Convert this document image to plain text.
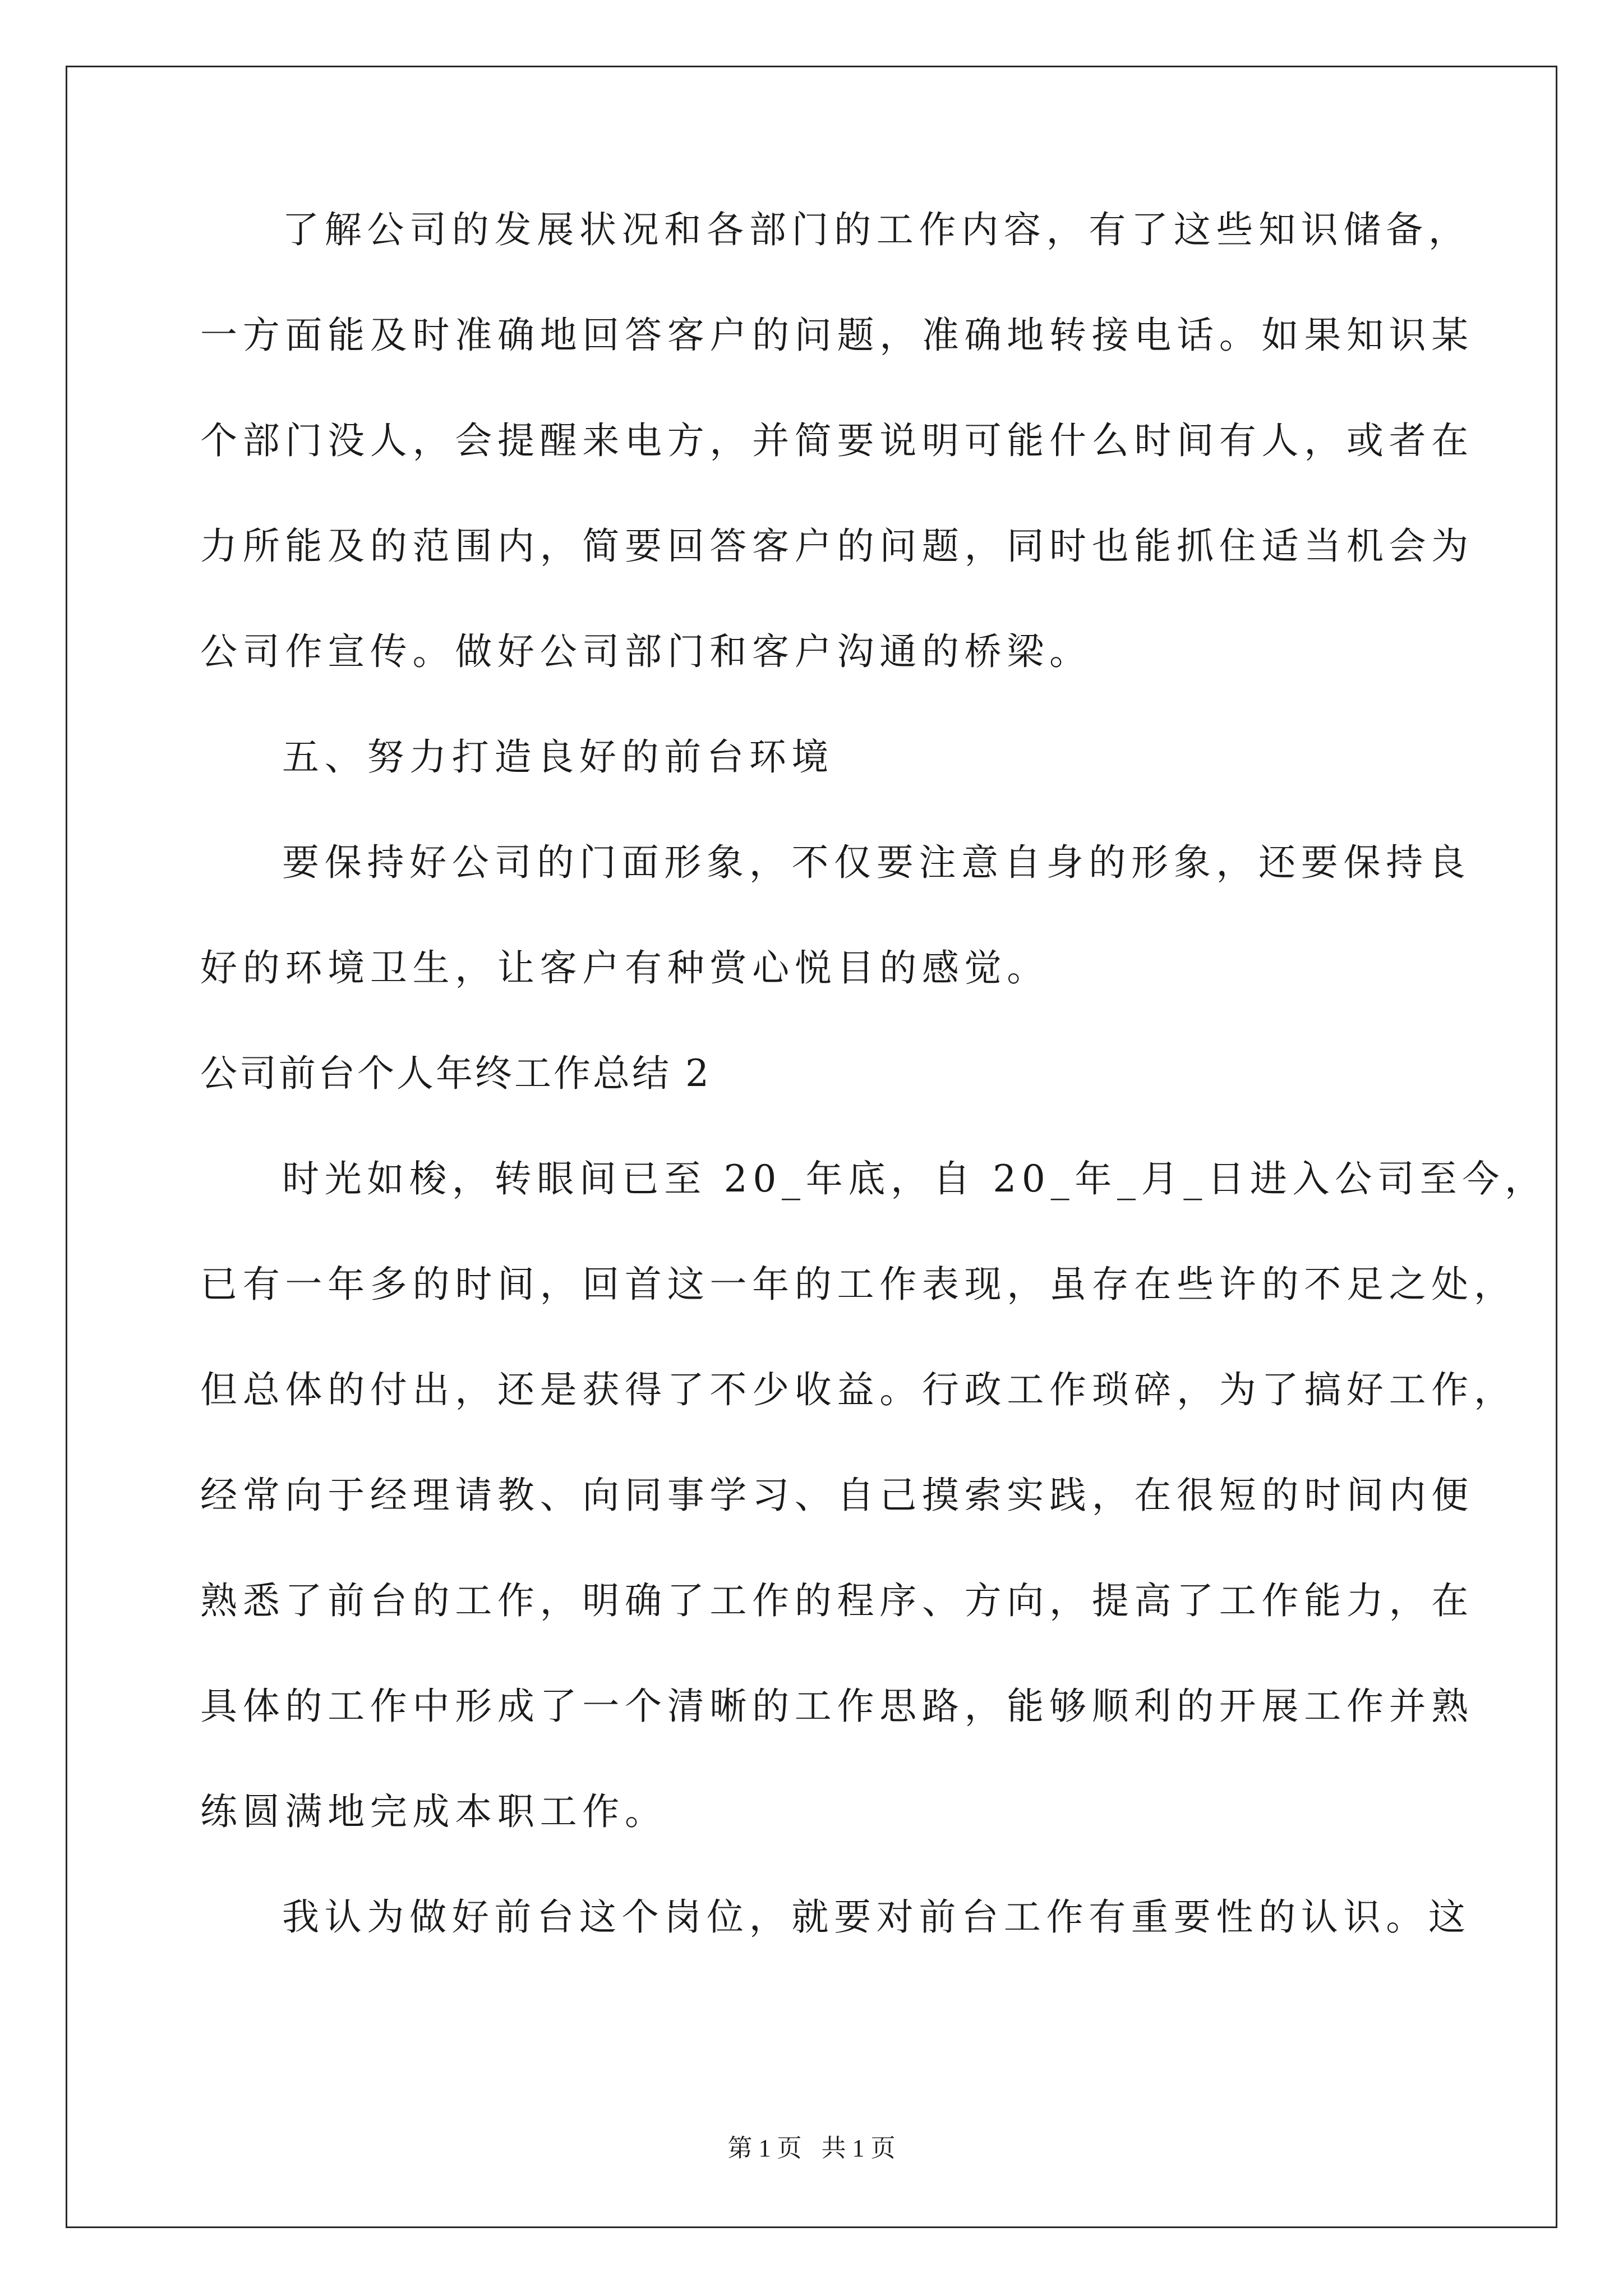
了解公司的发展状况和各部门的工作内容，有了这些知识储备，
一方面能及时准确地回答客户的问题，准确地转接电话。如果知识某
个部门没人，会提醒来电方，并简要说明可能什么时间有人，或者在
力所能及的范围内，简要回答客户的问题，同时也能抓住适当机会为
公司作宣传。做好公司部门和客户沟通的桥梁。
五、努力打造良好的前台环境
要保持好公司的门面形象，不仅要注意自身的形象，还要保持良
好的环境卫生，让客户有种赏心悦目的感觉。
公司前台个人年终工作总结 2
时光如梭，转眼间已至 20_年底，自 20_年_月_日进入公司至今，
已有一年多的时间，回首这一年的工作表现，虽存在些许的不足之处，
但总体的付出，还是获得了不少收益。行政工作琐碎，为了搞好工作，
经常向于经理请教、向同事学习、自己摸索实践，在很短的时间内便
熟悉了前台的工作，明确了工作的程序、方向，提高了工作能力，在
具体的工作中形成了一个清晰的工作思路，能够顺利的开展工作并熟
练圆满地完成本职工作。
我认为做好前台这个岗位，就要对前台工作有重要性的认识。这
第 1 页 共 1 页
